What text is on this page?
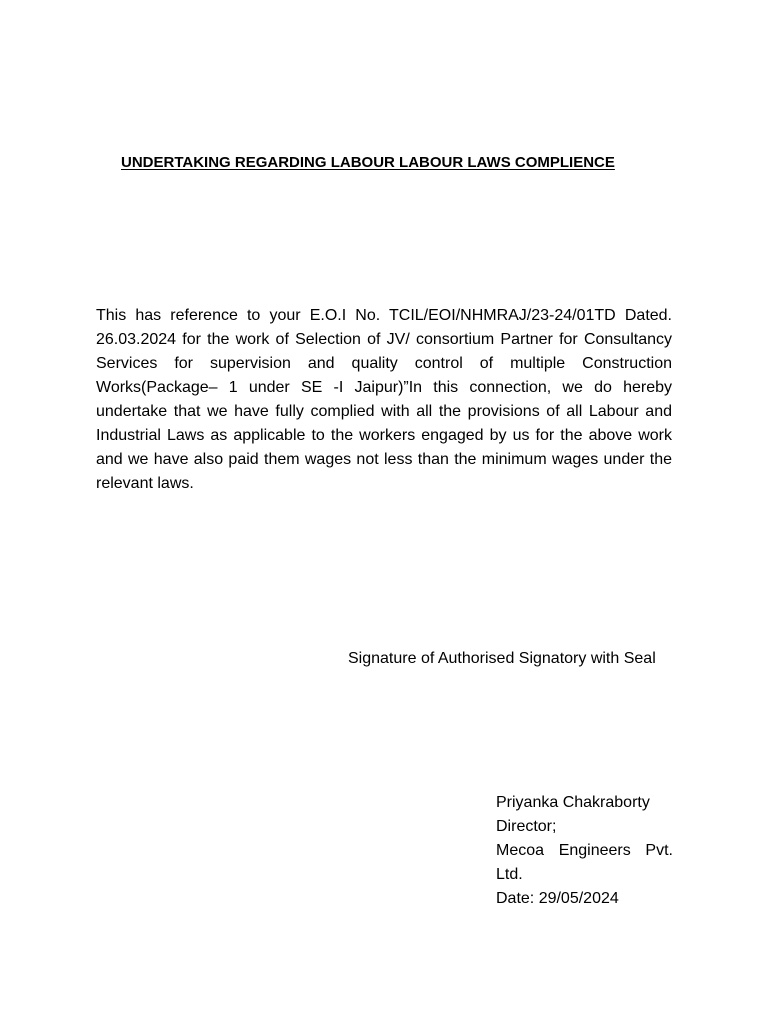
UNDERTAKING REGARDING LABOUR LABOUR LAWS COMPLIENCE

This has reference to your E.O.I No. TCIL/EOI/NHMRAJ/23-24/01TD Dated. 26.03.2024 for the work of Selection of JV/ consortium Partner for Consultancy Services for supervision and quality control of multiple Construction Works(Package– 1 under SE -I Jaipur)”In this connection, we do hereby undertake that we have fully complied with all the provisions of all Labour and Industrial Laws as applicable to the workers engaged by us for the above work and we have also paid them wages not less than the minimum wages under the relevant laws.

Signature of Authorised Signatory with Seal
Priyanka Chakraborty
Director;
Mecoa Engineers Pvt. Ltd.
Date: 29/05/2024
